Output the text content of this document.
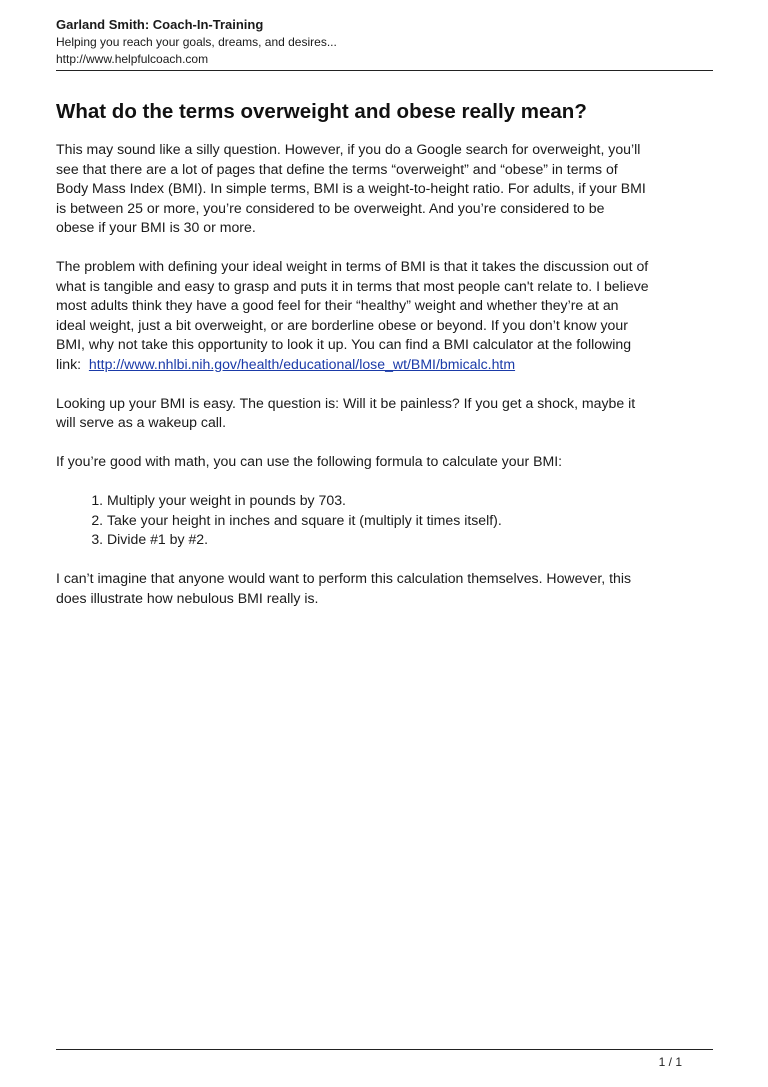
Garland Smith: Coach-In-Training
Helping you reach your goals, dreams, and desires...
http://www.helpfulcoach.com
What do the terms overweight and obese really mean?
This may sound like a silly question. However, if you do a Google search for overweight, you’ll
see that there are a lot of pages that define the terms “overweight” and “obese” in terms of
Body Mass Index (BMI). In simple terms, BMI is a weight-to-height ratio. For adults, if your BMI
is between 25 or more, you’re considered to be overweight. And you’re considered to be
obese if your BMI is 30 or more.
The problem with defining your ideal weight in terms of BMI is that it takes the discussion out of
what is tangible and easy to grasp and puts it in terms that most people can't relate to. I believe
most adults think they have a good feel for their “healthy” weight and whether they’re at an
ideal weight, just a bit overweight, or are borderline obese or beyond. If you don’t know your
BMI, why not take this opportunity to look it up. You can find a BMI calculator at the following
link:  http://www.nhlbi.nih.gov/health/educational/lose_wt/BMI/bmicalc.htm
Looking up your BMI is easy. The question is: Will it be painless? If you get a shock, maybe it
will serve as a wakeup call.
If you’re good with math, you can use the following formula to calculate your BMI:
1. Multiply your weight in pounds by 703.
2. Take your height in inches and square it (multiply it times itself).
3. Divide #1 by #2.
I can’t imagine that anyone would want to perform this calculation themselves. However, this
does illustrate how nebulous BMI really is.
1 / 1
